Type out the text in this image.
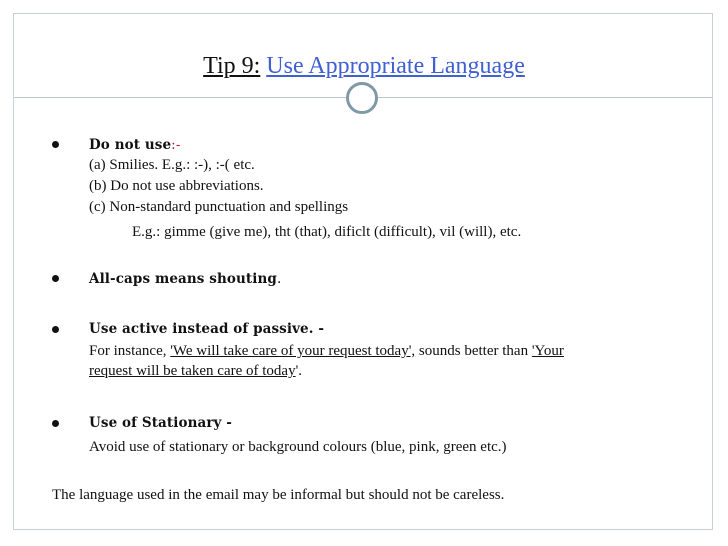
Tip 9: Use Appropriate Language
Do not use:-
(a) Smilies. E.g.: :-), :-( etc.
(b) Do not use abbreviations.
(c) Non-standard punctuation and spellings
E.g.: gimme (give me), tht (that), dificlt (difficult), vil (will), etc.
All-caps means shouting.
Use active instead of passive. -
For instance, 'We will take care of your request today', sounds better than 'Your
request will be taken care of today'.
Use of Stationary -
Avoid use of stationary or background colours (blue, pink, green etc.)
The language used in the email may be informal but should not be careless.
